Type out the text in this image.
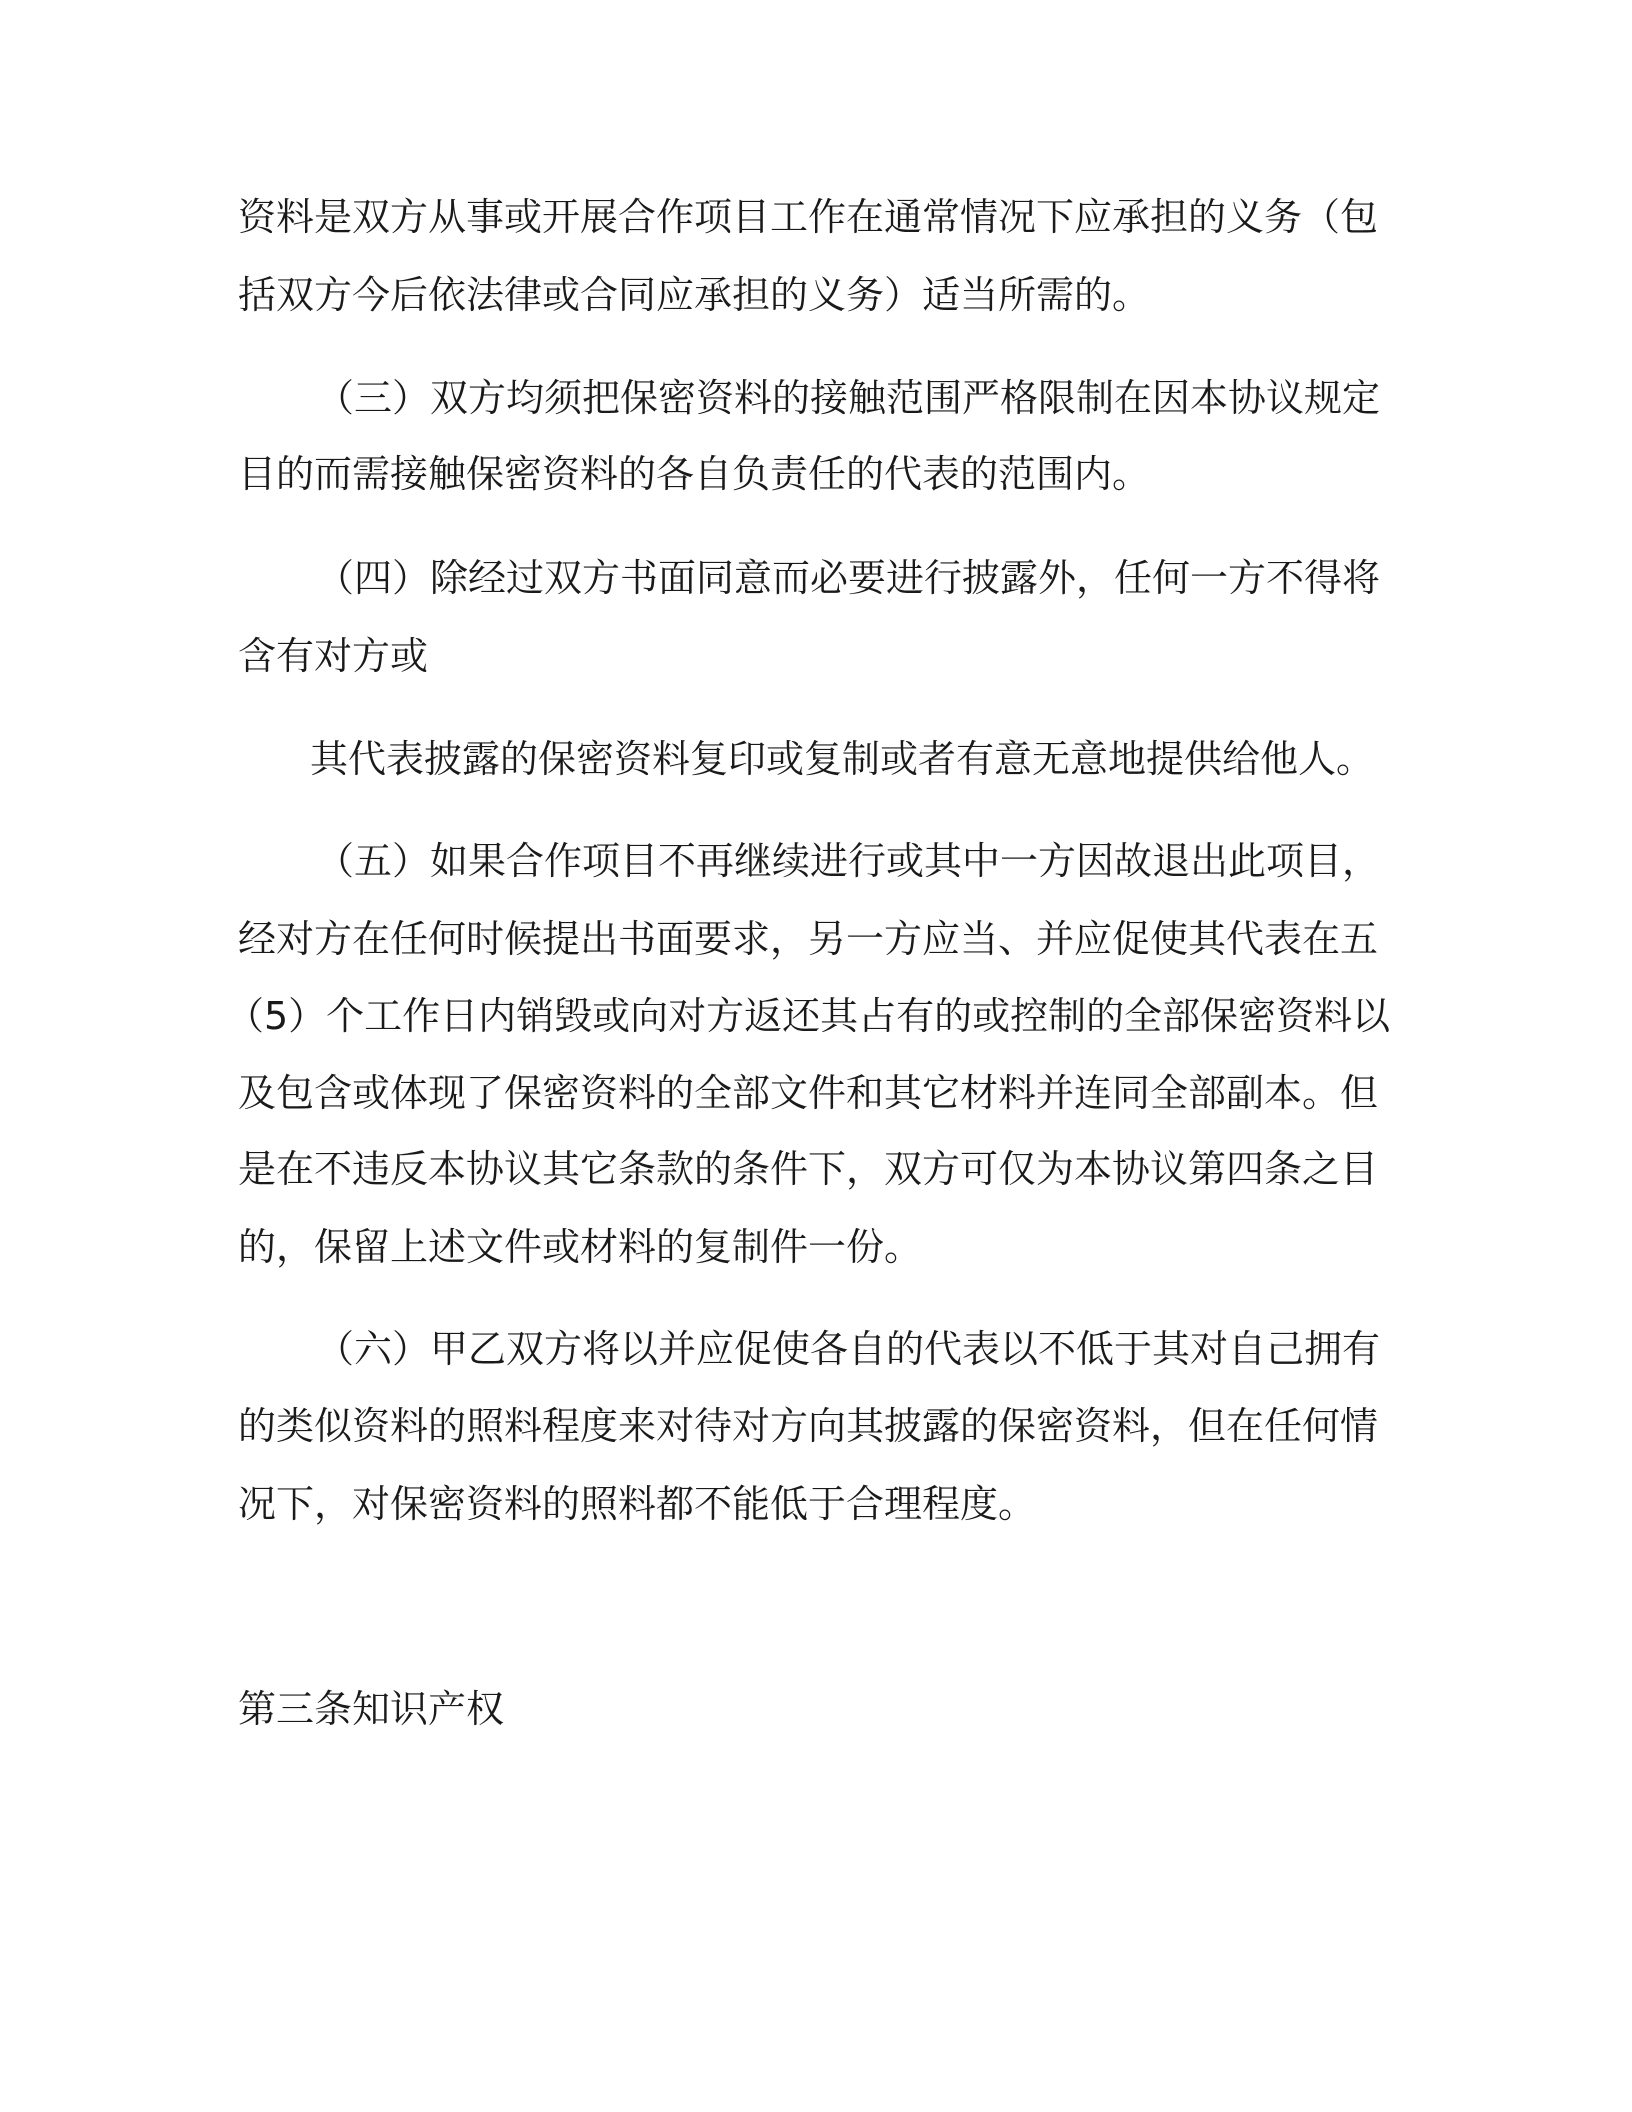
资料是双方从事或开展合作项目工作在通常情况下应承担的义务（包

括双方今后依法律或合同应承担的义务）适当所需的。

（三）双方均须把保密资料的接触范围严格限制在因本协议规定

目的而需接触保密资料的各自负责任的代表的范围内。

（四）除经过双方书面同意而必要进行披露外，任何一方不得将

含有对方或

其代表披露的保密资料复印或复制或者有意无意地提供给他人。

（五）如果合作项目不再继续进行或其中一方因故退出此项目，

经对方在任何时候提出书面要求，另一方应当、并应促使其代表在五

（5）个工作日内销毁或向对方返还其占有的或控制的全部保密资料以

及包含或体现了保密资料的全部文件和其它材料并连同全部副本。但

是在不违反本协议其它条款的条件下，双方可仅为本协议第四条之目

的，保留上述文件或材料的复制件一份。

（六）甲乙双方将以并应促使各自的代表以不低于其对自己拥有

的类似资料的照料程度来对待对方向其披露的保密资料，但在任何情

况下，对保密资料的照料都不能低于合理程度。

第三条知识产权
